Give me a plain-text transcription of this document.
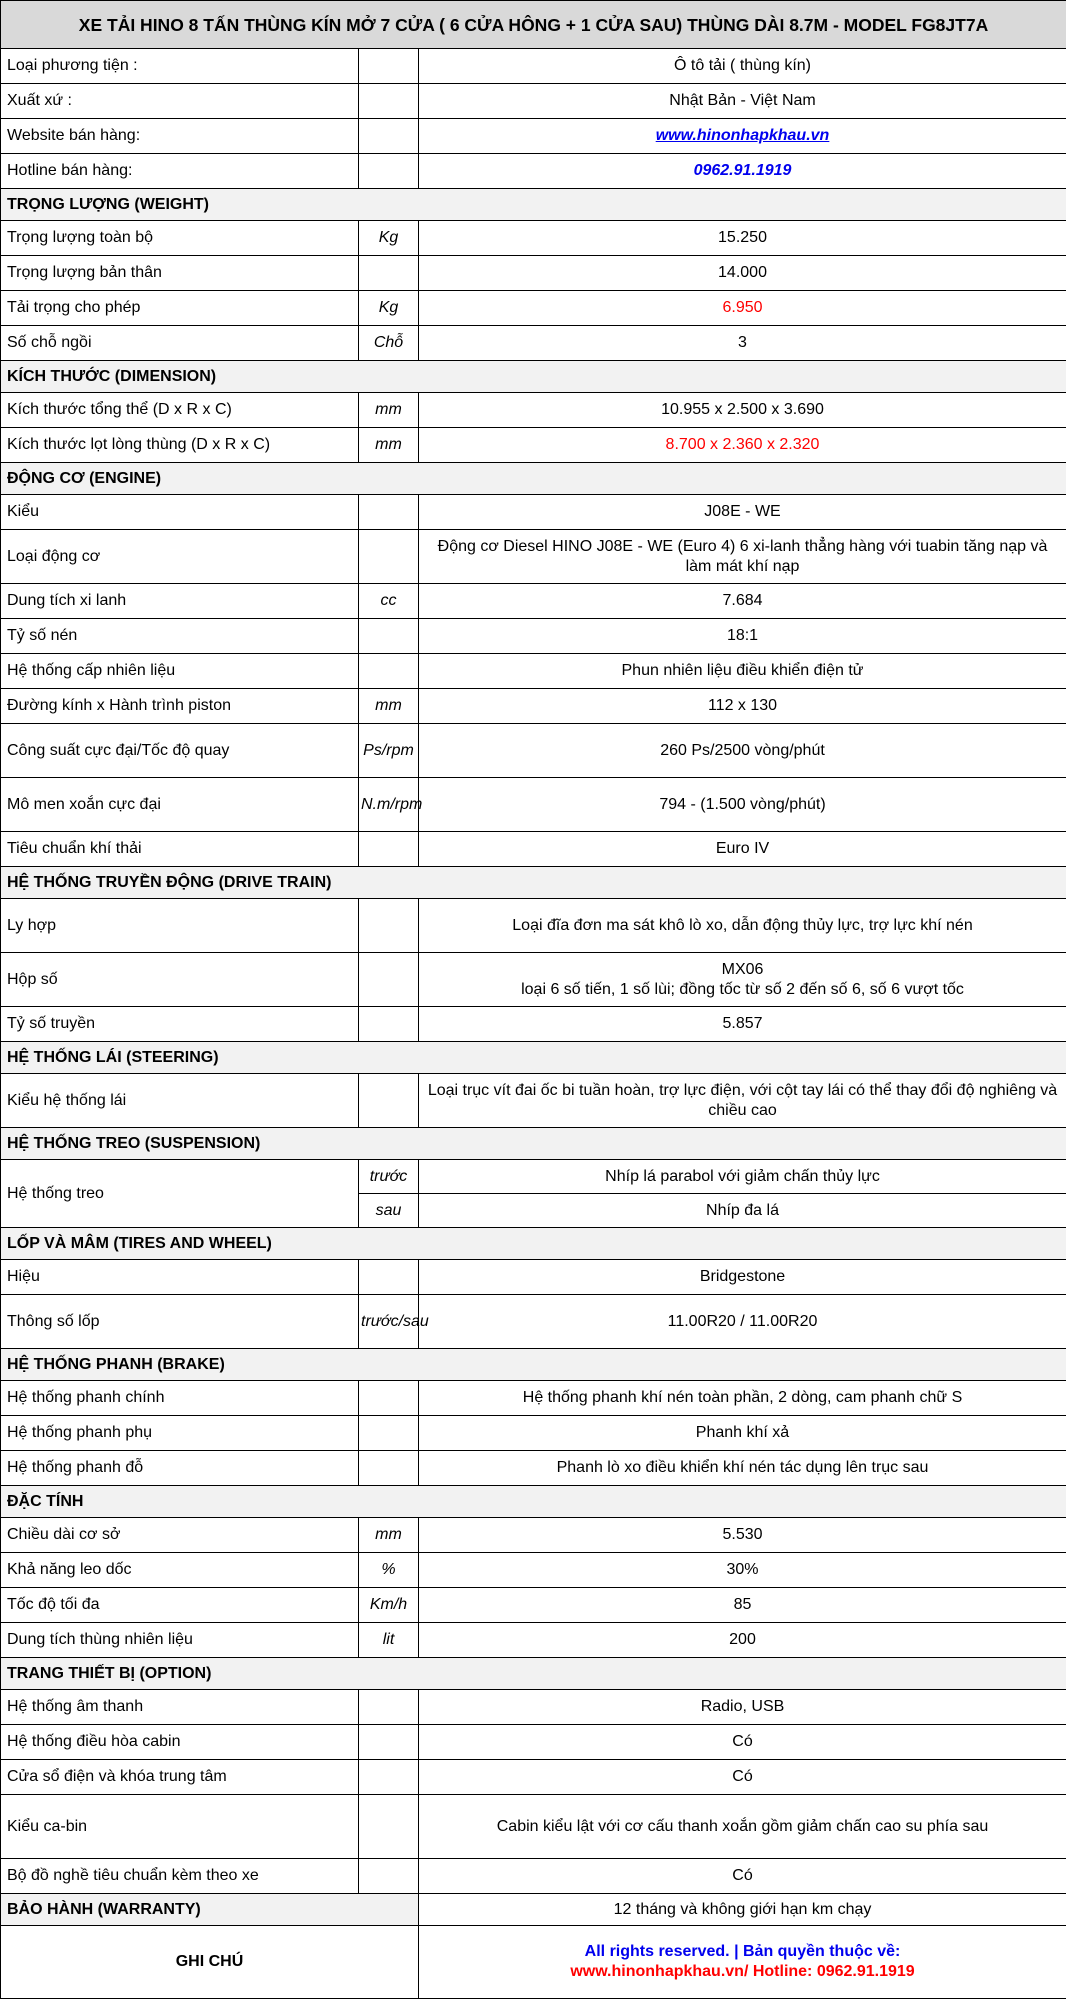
XE TẢI HINO 8 TẤN THÙNG KÍN MỞ 7 CỬA ( 6 CỬA HÔNG + 1 CỬA SAU) THÙNG DÀI 8.7M - MODEL FG8JT7A		
Loại phương tiện :		Ô tô tải ( thùng kín)
Xuất xứ :		Nhật Bản - Việt Nam
Website bán hàng:		www.hinonhapkhau.vn
Hotline bán hàng:		0962.91.1919
TRỌNG LƯỢNG (WEIGHT)		
Trọng lượng toàn bộ	Kg	15.250
Trọng lượng bản thân		14.000
Tải trọng cho phép	Kg	6.950
Số chỗ ngồi	Chỗ	3
KÍCH THƯỚC (DIMENSION)		
Kích thước tổng thể (D x R x C)	mm	10.955 x 2.500 x 3.690
Kích thước lọt lòng thùng (D x R x C)	mm	8.700 x 2.360 x 2.320
ĐỘNG CƠ (ENGINE)		
Kiểu		J08E - WE
Loại động cơ		Động cơ Diesel HINO J08E - WE (Euro 4) 6 xi-lanh thẳng hàng với tuabin tăng nạp và làm mát khí nạp
Dung tích xi lanh	cc	7.684
Tỷ số nén		18:1
Hệ thống cấp nhiên liệu		Phun nhiên liệu điều khiển điện tử
Đường kính x Hành trình piston	mm	112 x 130
Công suất cực đại/Tốc độ quay	Ps/rpm	260 Ps/2500 vòng/phút
Mô men xoắn cực đại	N.m/rpm	794 - (1.500 vòng/phút)
Tiêu chuẩn khí thải		Euro IV
HỆ THỐNG TRUYỀN ĐỘNG (DRIVE TRAIN)		
Ly hợp		Loại đĩa đơn ma sát khô lò xo, dẫn động thủy lực, trợ lực khí nén
Hộp số		MX06
loại 6 số tiến, 1 số lùi; đồng tốc từ số 2 đến số 6, số 6 vượt tốc
Tỷ số truyền		5.857
HỆ THỐNG LÁI (STEERING)		
Kiểu hệ thống lái		Loại trục vít đai ốc bi tuần hoàn, trợ lực điện, với cột tay lái có thể thay đổi độ nghiêng và chiều cao
HỆ THỐNG TREO (SUSPENSION)		
Hệ thống treo	trước	Nhíp lá parabol với giảm chấn thủy lực
	sau	Nhíp đa lá
LỐP VÀ MÂM (TIRES AND WHEEL)		
Hiệu		Bridgestone
Thông số lốp	trước/sau	11.00R20 / 11.00R20
HỆ THỐNG PHANH (BRAKE)		
Hệ thống phanh chính		Hệ thống phanh khí nén toàn phần, 2 dòng, cam phanh chữ S
Hệ thống phanh phụ		Phanh khí xả
Hệ thống phanh đỗ		Phanh lò xo điều khiển khí nén tác dụng lên trục sau
ĐẶC TÍNH		
Chiều dài cơ sở	mm	5.530
Khả năng leo dốc	%	30%
Tốc độ tối đa	Km/h	85
Dung tích thùng nhiên liệu	lit	200
TRANG THIẾT BỊ (OPTION)		
Hệ thống âm thanh		Radio, USB
Hệ thống điều hòa cabin		Có
Cửa sổ điện và khóa trung tâm		Có
Kiểu ca-bin		Cabin kiểu lật với cơ cấu thanh xoắn gồm giảm chấn cao su phía sau
Bộ đồ nghề tiêu chuẩn kèm theo xe		Có
BẢO HÀNH (WARRANTY)		12 tháng và không giới hạn km chạy
GHI CHÚ		All rights reserved. | Bản quyền thuộc về:
www.hinonhapkhau.vn/ Hotline: 0962.91.1919
